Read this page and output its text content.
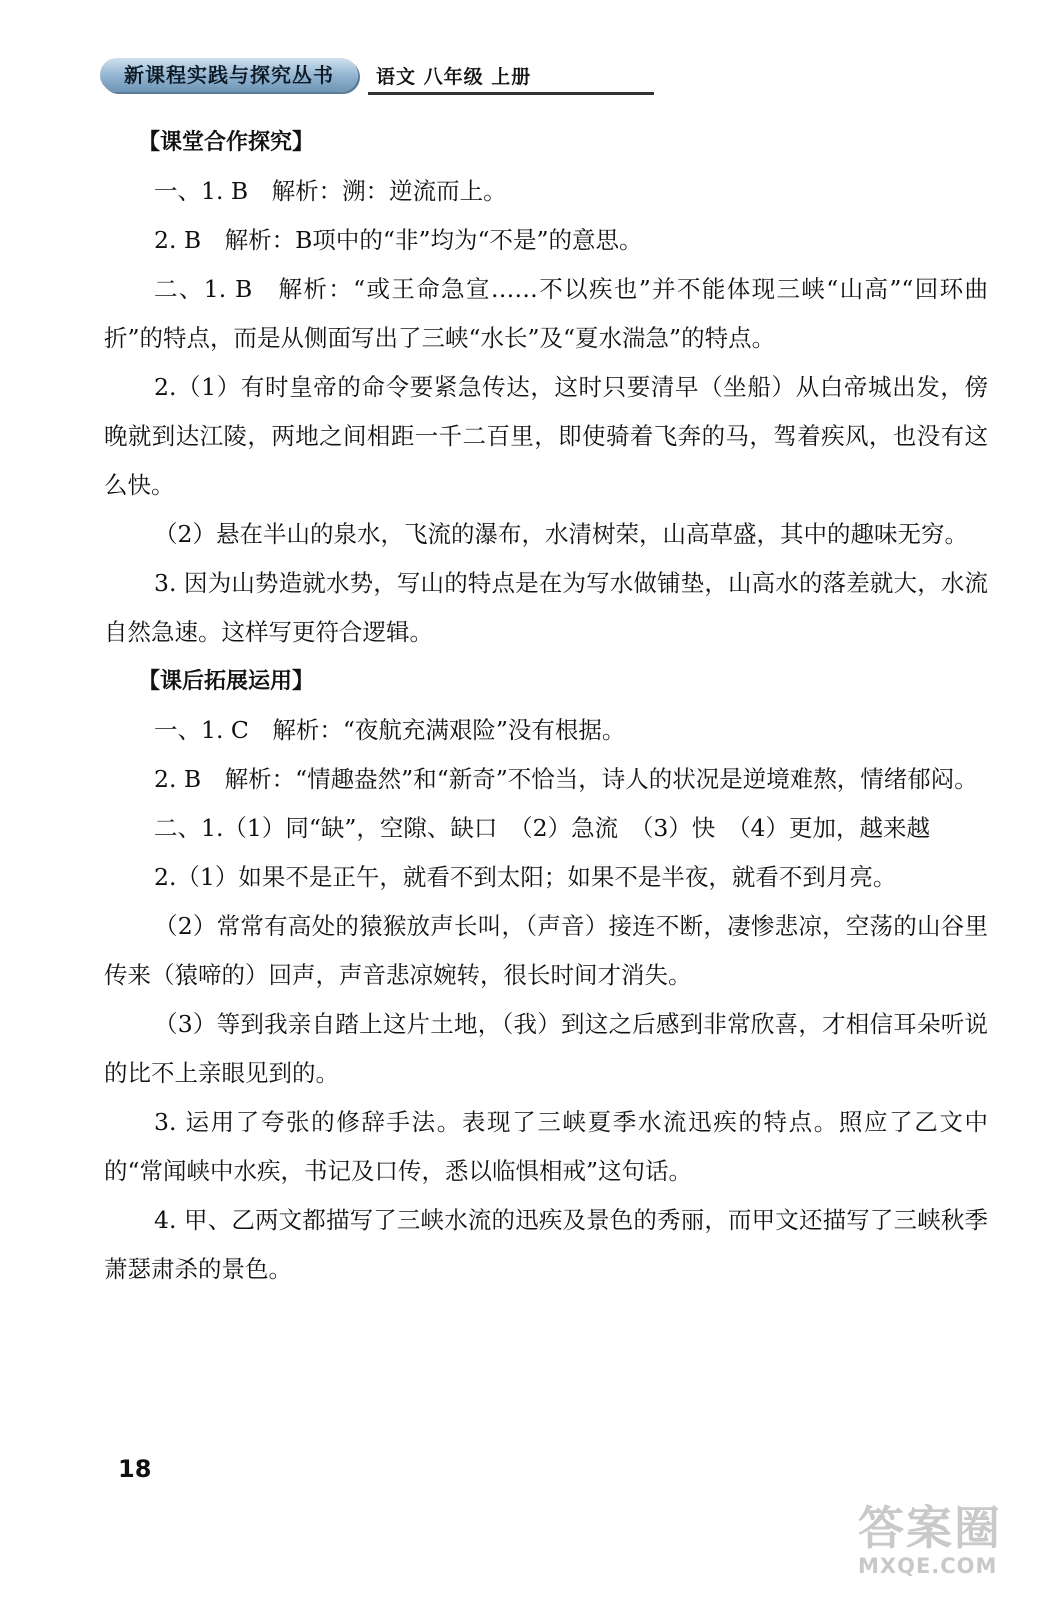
新课程实践与探究丛书	语文 八年级 上册

【课堂合作探究】

一、1. B　解析：溯：逆流而上。

2. B　解析：B项中的“非”均为“不是”的意思。

二、1. B　解析：“或王命急宣……不以疾也”并不能体现三峡“山高”“回环曲折”的特点，而是从侧面写出了三峡“水长”及“夏水湍急”的特点。

2.（1）有时皇帝的命令要紧急传达，这时只要清早（坐船）从白帝城出发，傍晚就到达江陵，两地之间相距一千二百里，即使骑着飞奔的马，驾着疾风，也没有这么快。

（2）悬在半山的泉水，飞流的瀑布，水清树荣，山高草盛，其中的趣味无穷。

3. 因为山势造就水势，写山的特点是在为写水做铺垫，山高水的落差就大，水流自然急速。这样写更符合逻辑。

【课后拓展运用】

一、1. C　解析：“夜航充满艰险”没有根据。

2. B　解析：“情趣盎然”和“新奇”不恰当，诗人的状况是逆境难熬，情绪郁闷。

二、1.（1）同“缺”，空隙、缺口　（2）急流　（3）快　（4）更加，越来越

2.（1）如果不是正午，就看不到太阳；如果不是半夜，就看不到月亮。

（2）常常有高处的猿猴放声长叫，（声音）接连不断，凄惨悲凉，空荡的山谷里传来（猿啼的）回声，声音悲凉婉转，很长时间才消失。

（3）等到我亲自踏上这片土地，（我）到这之后感到非常欣喜，才相信耳朵听说的比不上亲眼见到的。

3. 运用了夸张的修辞手法。表现了三峡夏季水流迅疾的特点。照应了乙文中的“常闻峡中水疾，书记及口传，悉以临惧相戒”这句话。

4. 甲、乙两文都描写了三峡水流的迅疾及景色的秀丽，而甲文还描写了三峡秋季萧瑟肃杀的景色。

18
答案圈
MXQE.COM
